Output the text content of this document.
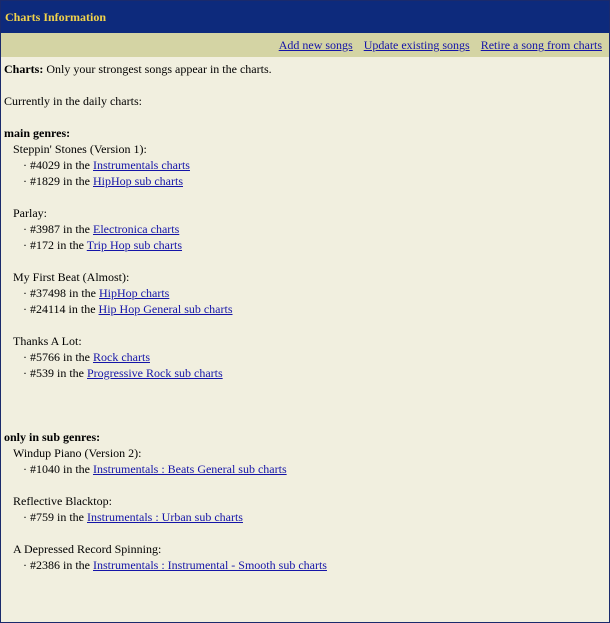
Charts Information
Add new songs Update existing songs Retire a song from charts
Charts: Only your strongest songs appear in the charts.
Currently in the daily charts:
main genres:
Steppin' Stones (Version 1):
· #4029 in the Instrumentals charts
· #1829 in the HipHop sub charts
Parlay:
· #3987 in the Electronica charts
· #172 in the Trip Hop sub charts
My First Beat (Almost):
· #37498 in the HipHop charts
· #24114 in the Hip Hop General sub charts
Thanks A Lot:
· #5766 in the Rock charts
· #539 in the Progressive Rock sub charts
only in sub genres:
Windup Piano (Version 2):
· #1040 in the Instrumentals : Beats General sub charts
Reflective Blacktop:
· #759 in the Instrumentals : Urban sub charts
A Depressed Record Spinning:
· #2386 in the Instrumentals : Instrumental - Smooth sub charts
